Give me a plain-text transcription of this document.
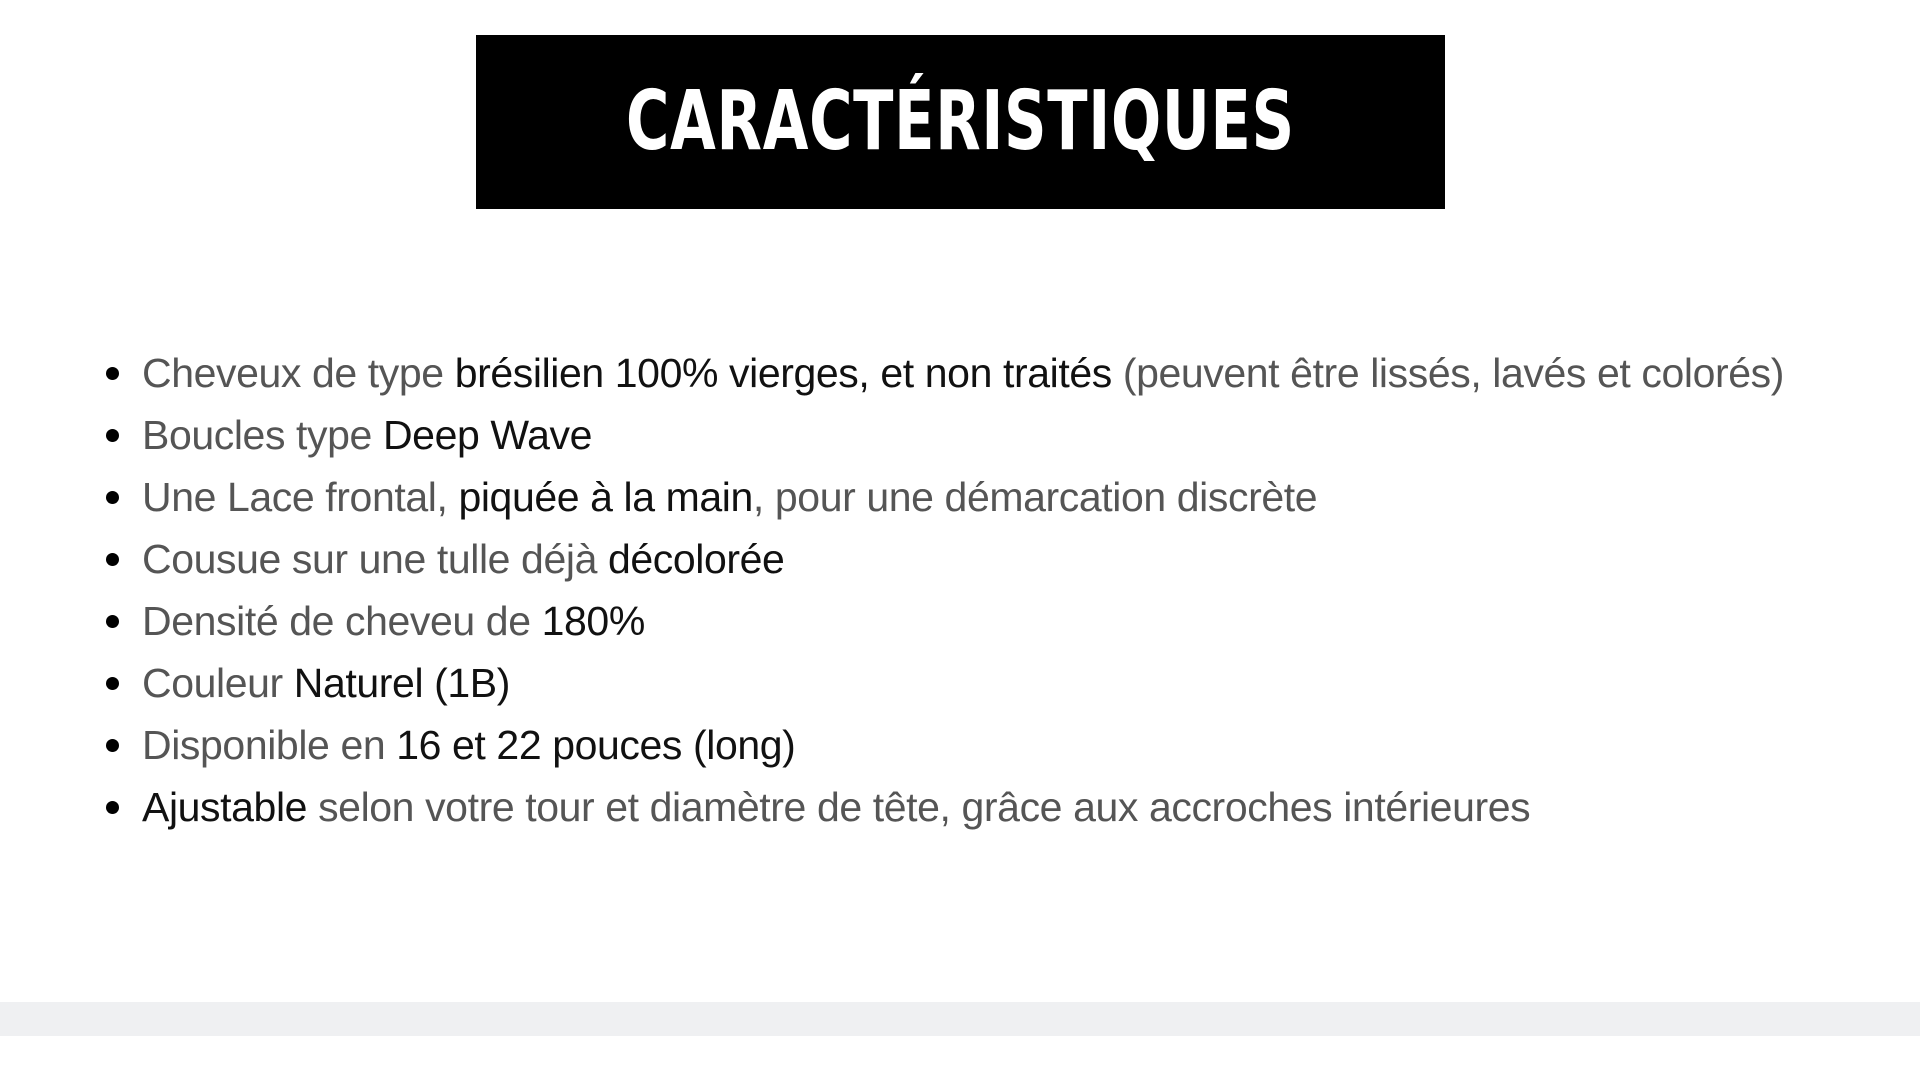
CARACTÉRISTIQUES
Cheveux de type brésilien 100% vierges, et non traités (peuvent être lissés, lavés et colorés)
Boucles type Deep Wave
Une Lace frontal, piquée à la main, pour une démarcation discrète
Cousue sur une tulle déjà décolorée
Densité de cheveu de 180%
Couleur Naturel (1B)
Disponible en 16 et 22 pouces (long)
Ajustable selon votre tour et diamètre de tête, grâce aux accroches intérieures
